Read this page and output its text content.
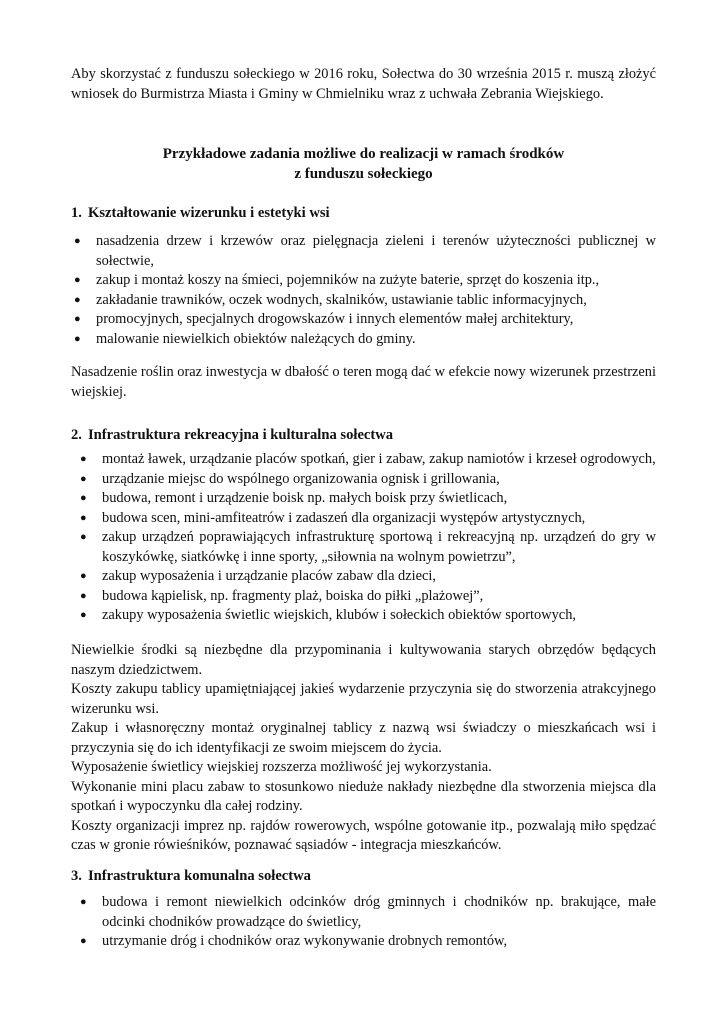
Aby skorzystać z funduszu sołeckiego w 2016 roku, Sołectwa do 30 września 2015 r. muszą złożyć wniosek do Burmistrza Miasta i Gminy w Chmielniku wraz z uchwała Zebrania Wiejskiego.

Przykładowe zadania możliwe do realizacji w ramach środków
z funduszu sołeckiego
1. Kształtowanie wizerunku i estetyki wsi
● nasadzenia drzew i krzewów oraz pielęgnacja zieleni i terenów użyteczności publicznej w sołectwie,
● zakup i montaż koszy na śmieci, pojemników na zużyte baterie, sprzęt do koszenia itp.,
● zakładanie trawników, oczek wodnych, skalników, ustawianie tablic informacyjnych,
● promocyjnych, specjalnych drogowskazów i innych elementów małej architektury,
● malowanie niewielkich obiektów należących do gminy.

Nasadzenie roślin oraz inwestycja w dbałość o teren mogą dać w efekcie nowy wizerunek przestrzeni wiejskiej.

2. Infrastruktura rekreacyjna i kulturalna sołectwa
● montaż ławek, urządzanie placów spotkań, gier i zabaw, zakup namiotów i krzeseł ogrodowych,
● urządzanie miejsc do wspólnego organizowania ognisk i grillowania,
● budowa, remont i urządzenie boisk np. małych boisk przy świetlicach,
● budowa scen, mini-amfiteatrów i zadaszeń dla organizacji występów artystycznych,
● zakup urządzeń poprawiających infrastrukturę sportową i rekreacyjną np. urządzeń do gry w koszykówkę, siatkówkę i inne sporty, „siłownia na wolnym powietrzu”,
● zakup wyposażenia i urządzanie placów zabaw dla dzieci,
● budowa kąpielisk, np. fragmenty plaż, boiska do piłki „plażowej”,
● zakupy wyposażenia świetlic wiejskich, klubów i sołeckich obiektów sportowych,

Niewielkie środki są niezbędne dla przypominania i kultywowania starych obrzędów będących naszym dziedzictwem.

Koszty zakupu tablicy upamiętniającej jakieś wydarzenie przyczynia się do stworzenia atrakcyjnego wizerunku wsi.

Zakup i własnoręczny montaż oryginalnej tablicy z nazwą wsi świadczy o mieszkańcach wsi i przyczynia się do ich identyfikacji ze swoim miejscem do życia.

Wyposażenie świetlicy wiejskiej rozszerza możliwość jej wykorzystania.

Wykonanie mini placu zabaw to stosunkowo nieduże nakłady niezbędne dla stworzenia miejsca dla spotkań i wypoczynku dla całej rodziny.

Koszty organizacji imprez np. rajdów rowerowych, wspólne gotowanie itp., pozwalają miło spędzać czas w gronie rówieśników, poznawać sąsiadów - integracja mieszkańców.

3. Infrastruktura komunalna sołectwa
● budowa i remont niewielkich odcinków dróg gminnych i chodników np. brakujące, małe odcinki chodników prowadzące do świetlicy,
● utrzymanie dróg i chodników oraz wykonywanie drobnych remontów,
